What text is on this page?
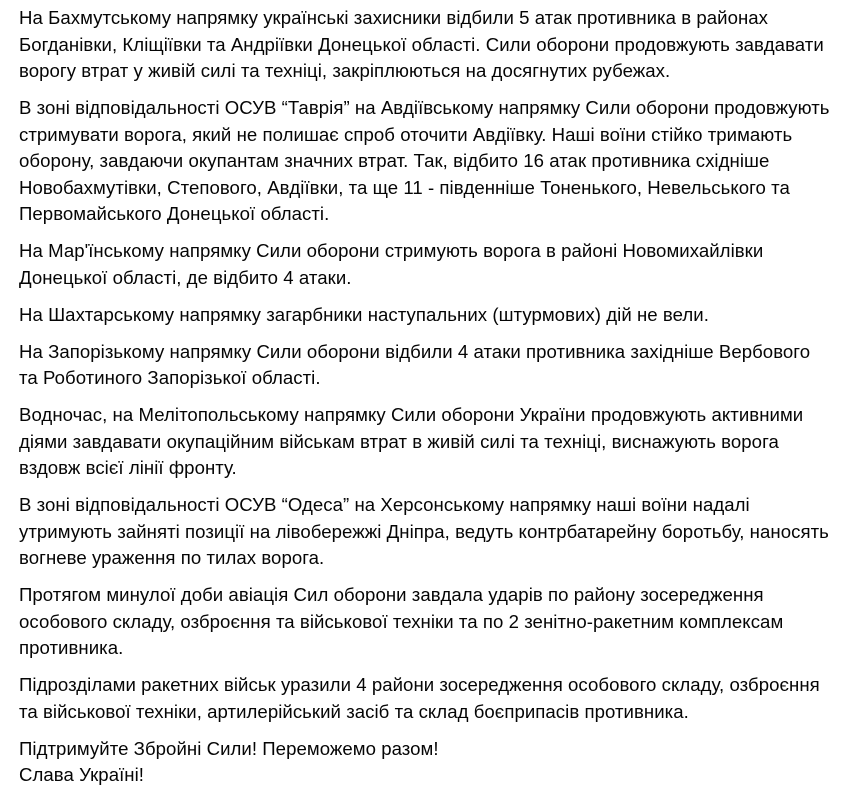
На Бахмутському напрямку українські захисники відбили 5 атак противника в районах Богданівки, Кліщіївки та Андріївки Донецької області. Сили оборони продовжують завдавати ворогу втрат у живій силі та техніці, закріплюються на досягнутих рубежах.

В зоні відповідальності ОСУВ “Таврія” на Авдіївському напрямку Сили оборони продовжують стримувати ворога, який не полишає спроб оточити Авдіївку. Наші воїни стійко тримають оборону, завдаючи окупантам значних втрат. Так, відбито 16 атак противника східніше Новобахмутівки, Степового, Авдіївки, та ще 11 - південніше Тоненького, Невельського та Первомайського Донецької області.

На Мар'їнському напрямку Сили оборони стримують ворога в районі Новомихайлівки Донецької області, де відбито 4 атаки.

На Шахтарському напрямку загарбники наступальних (штурмових) дій не вели.

На Запорізькому напрямку Сили оборони відбили 4 атаки противника західніше Вербового та Роботиного Запорізької області.

Водночас, на Мелітопольському напрямку Сили оборони України продовжують активними діями завдавати окупаційним військам втрат в живій силі та техніці, виснажують ворога вздовж всієї лінії фронту.

В зоні відповідальності ОСУВ “Одеса” на Херсонському напрямку наші воїни надалі утримують зайняті позиції на лівобережжі Дніпра, ведуть контрбатарейну боротьбу, наносять вогневе ураження по тилах ворога.

Протягом минулої доби авіація Сил оборони завдала ударів по району зосередження особового складу, озброєння та військової техніки та по 2 зенітно-ракетним комплексам противника.

Підрозділами ракетних військ уразили 4 райони зосередження особового складу, озброєння та військової техніки, артилерійський засіб та склад боєприпасів противника.

Підтримуйте Збройні Сили! Переможемо разом!
Слава Україні!
